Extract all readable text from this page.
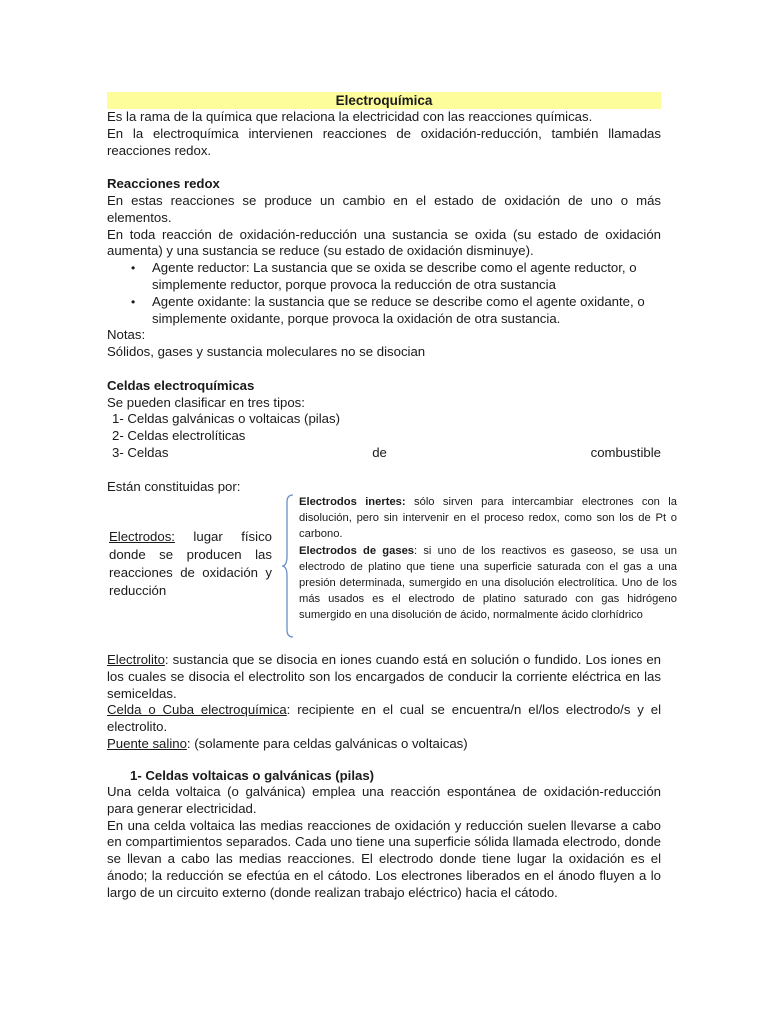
Electroquímica

Es la rama de la química que relaciona la electricidad con las reacciones químicas.

En la electroquímica intervienen reacciones de oxidación-reducción, también llamadas reacciones redox.

Reacciones redox

En estas reacciones se produce un cambio en el estado de oxidación de uno o más elementos.

En toda reacción de oxidación-reducción una sustancia se oxida (su estado de oxidación aumenta) y una sustancia se reduce (su estado de oxidación disminuye).

• Agente reductor: La sustancia que se oxida se describe como el agente reductor, o simplemente reductor, porque provoca la reducción de otra sustancia
• Agente oxidante: la sustancia que se reduce se describe como el agente oxidante, o simplemente oxidante, porque provoca la oxidación de otra sustancia.

Notas:

Sólidos, gases y sustancia moleculares no se disocian

Celdas electroquímicas

Se pueden clasificar en tres tipos:

1- Celdas galvánicas o voltaicas (pilas)

2- Celdas electrolíticas

3- Celdas	de	combustible

Están constituidas por:

Electrodos: lugar físico donde se producen las reacciones de oxidación y reducción

Electrodos inertes: sólo sirven para intercambiar electrones con la disolución, pero sin intervenir en el proceso redox, como son los de Pt o carbono.

Electrodos de gases: si uno de los reactivos es gaseoso, se usa un electrodo de platino que tiene una superficie saturada con el gas a una presión determinada, sumergido en una disolución electrolítica. Uno de los más usados es el electrodo de platino saturado con gas hidrógeno sumergido en una disolución de ácido, normalmente ácido clorhídrico

Electrolito: sustancia que se disocia en iones cuando está en solución o fundido. Los iones en los cuales se disocia el electrolito son los encargados de conducir la corriente eléctrica en las semiceldas.

Celda o Cuba electroquímica: recipiente en el cual se encuentra/n el/los electrodo/s y el electrolito.

Puente salino: (solamente para celdas galvánicas o voltaicas)

1- Celdas voltaicas o galvánicas (pilas)

Una celda voltaica (o galvánica) emplea una reacción espontánea de oxidación-reducción para generar electricidad.

En una celda voltaica las medias reacciones de oxidación y reducción suelen llevarse a cabo en compartimientos separados. Cada uno tiene una superficie sólida llamada electrodo, donde se llevan a cabo las medias reacciones. El electrodo donde tiene lugar la oxidación es el ánodo; la reducción se efectúa en el cátodo. Los electrones liberados en el ánodo fluyen a lo largo de un circuito externo (donde realizan trabajo eléctrico) hacia el cátodo.
